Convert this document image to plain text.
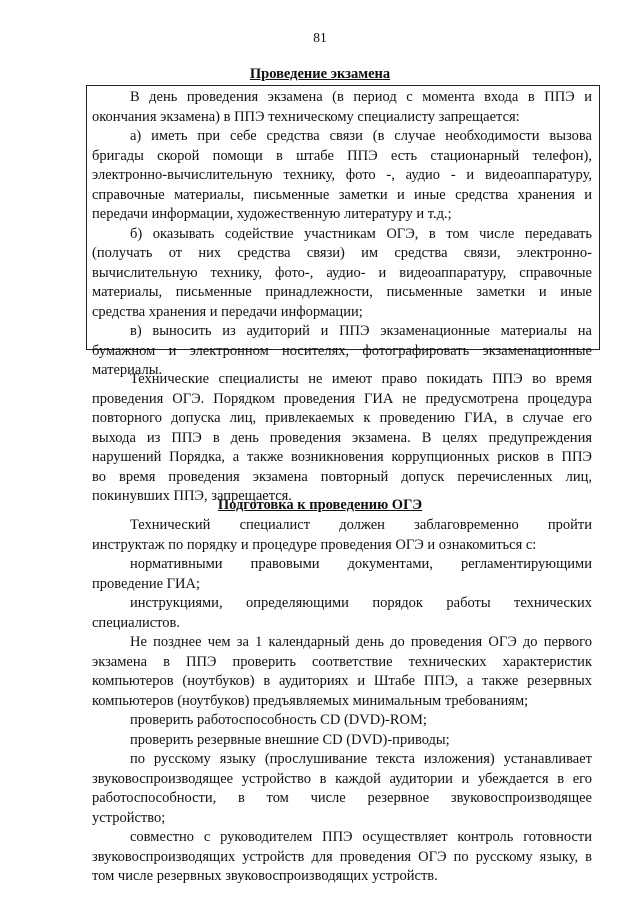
81
Проведение экзамена
В день проведения экзамена (в период с момента входа в ППЭ и
окончания экзамена) в ППЭ техническому специалисту запрещается:
а) иметь при себе средства связи (в случае необходимости вызова
бригады скорой помощи в штабе ППЭ есть стационарный телефон),
электронно-вычислительную технику, фото -, аудио - и видеоаппаратуру,
справочные материалы, письменные заметки и иные средства хранения и
передачи информации, художественную литературу и т.д.;
б) оказывать содействие участникам ОГЭ, в том числе передавать
(получать от них средства связи) им средства связи, электронно-
вычислительную технику, фото-, аудио- и видеоаппаратуру, справочные
материалы, письменные принадлежности, письменные заметки и иные
средства хранения и передачи информации;
в) выносить из аудиторий и ППЭ экзаменационные материалы на
бумажном и электронном носителях, фотографировать экзаменационные
материалы.
Технические специалисты не имеют право покидать ППЭ во время
проведения ОГЭ. Порядком проведения ГИА не предусмотрена процедура
повторного допуска лиц, привлекаемых к проведению ГИА, в случае его
выхода из ППЭ в день проведения экзамена. В целях предупреждения
нарушений Порядка, а также возникновения коррупционных рисков в ППЭ
во время проведения экзамена повторный допуск перечисленных лиц,
покинувших ППЭ, запрещается.
Подготовка к проведению ОГЭ
Технический специалист должен заблаговременно пройти
инструктаж по порядку и процедуре проведения ОГЭ и ознакомиться с:
нормативными правовыми документами, регламентирующими
проведение ГИА;
инструкциями, определяющими порядок работы технических
специалистов.
Не позднее чем за 1 календарный день до проведения ОГЭ до первого
экзамена в ППЭ проверить соответствие технических характеристик
компьютеров (ноутбуков) в аудиториях и Штабе ППЭ, а также резервных
компьютеров (ноутбуков) предъявляемых минимальным требованиям;
проверить работоспособность CD (DVD)-ROM;
проверить резервные внешние CD (DVD)-приводы;
по русскому языку (прослушивание текста изложения) устанавливает
звуковоспроизводящее устройство в каждой аудитории и убеждается в его
работоспособности, в том числе резервное звуковоспроизводящее
устройство;
совместно с руководителем ППЭ осуществляет контроль готовности
звуковоспроизводящих устройств для проведения ОГЭ по русскому языку, в
том числе резервных звуковоспроизводящих устройств.
